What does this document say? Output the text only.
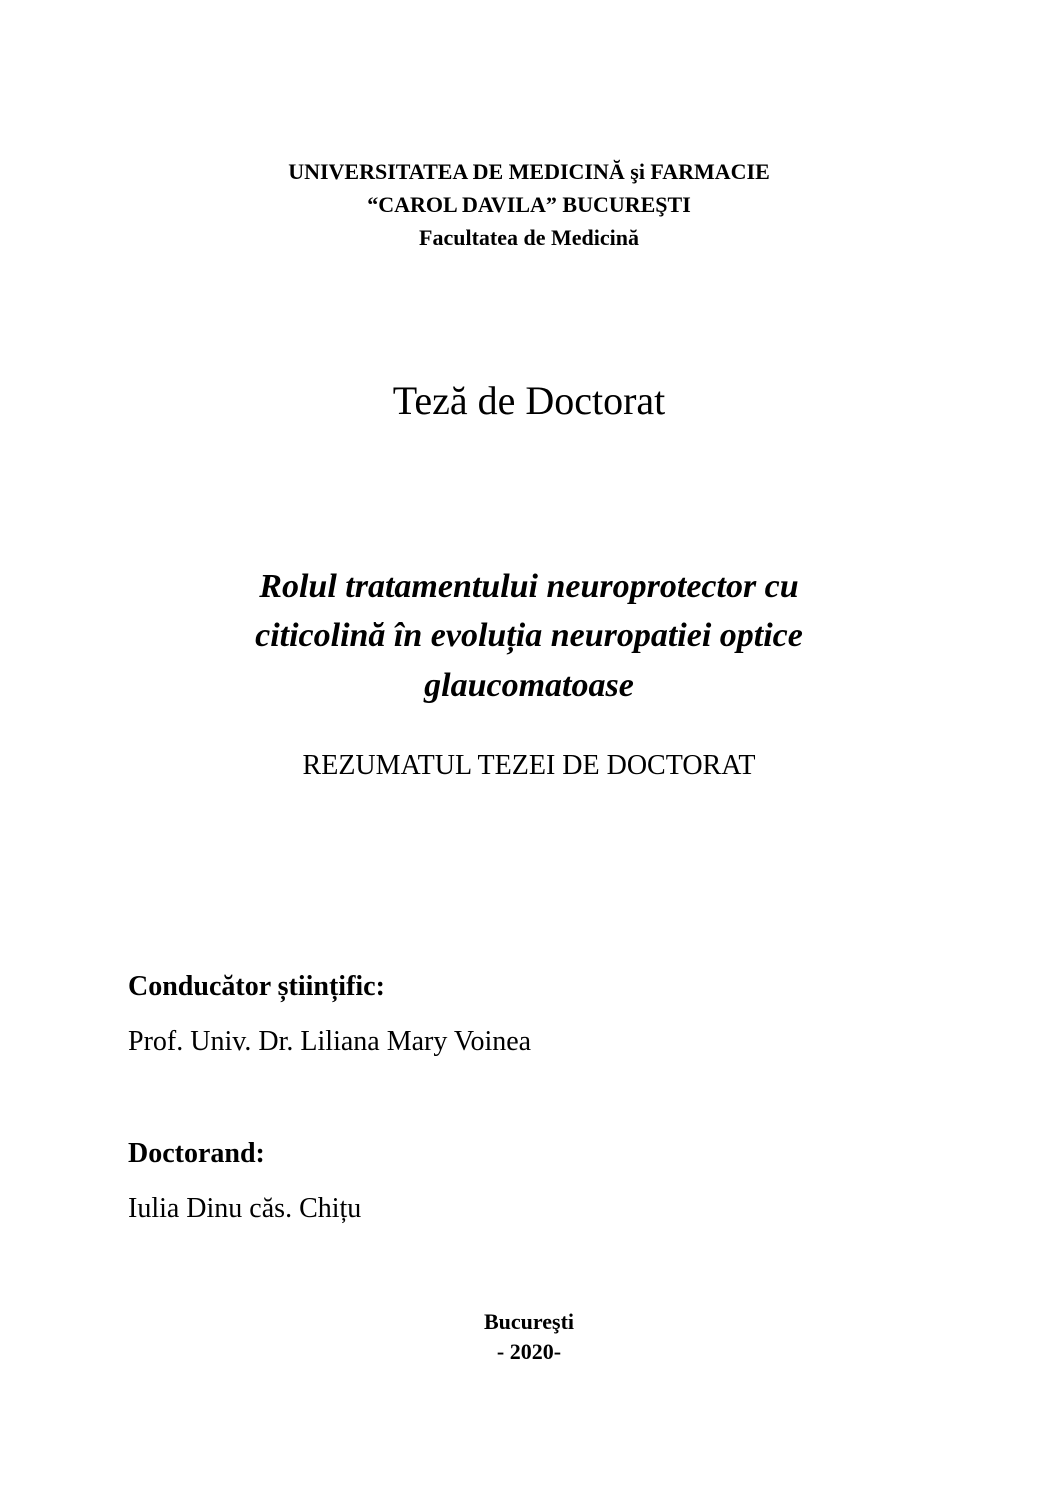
UNIVERSITATEA DE MEDICINĂ şi FARMACIE
“CAROL DAVILA” BUCUREŞTI
Facultatea de Medicină
Teză de Doctorat
Rolul tratamentului neuroprotector cu
citicolină în evoluția neuropatiei optice
glaucomatoase
REZUMATUL TEZEI DE DOCTORAT
Conducător științific:
Prof. Univ. Dr. Liliana Mary Voinea
Doctorand:
Iulia Dinu căs. Chițu
Bucureşti
- 2020-
